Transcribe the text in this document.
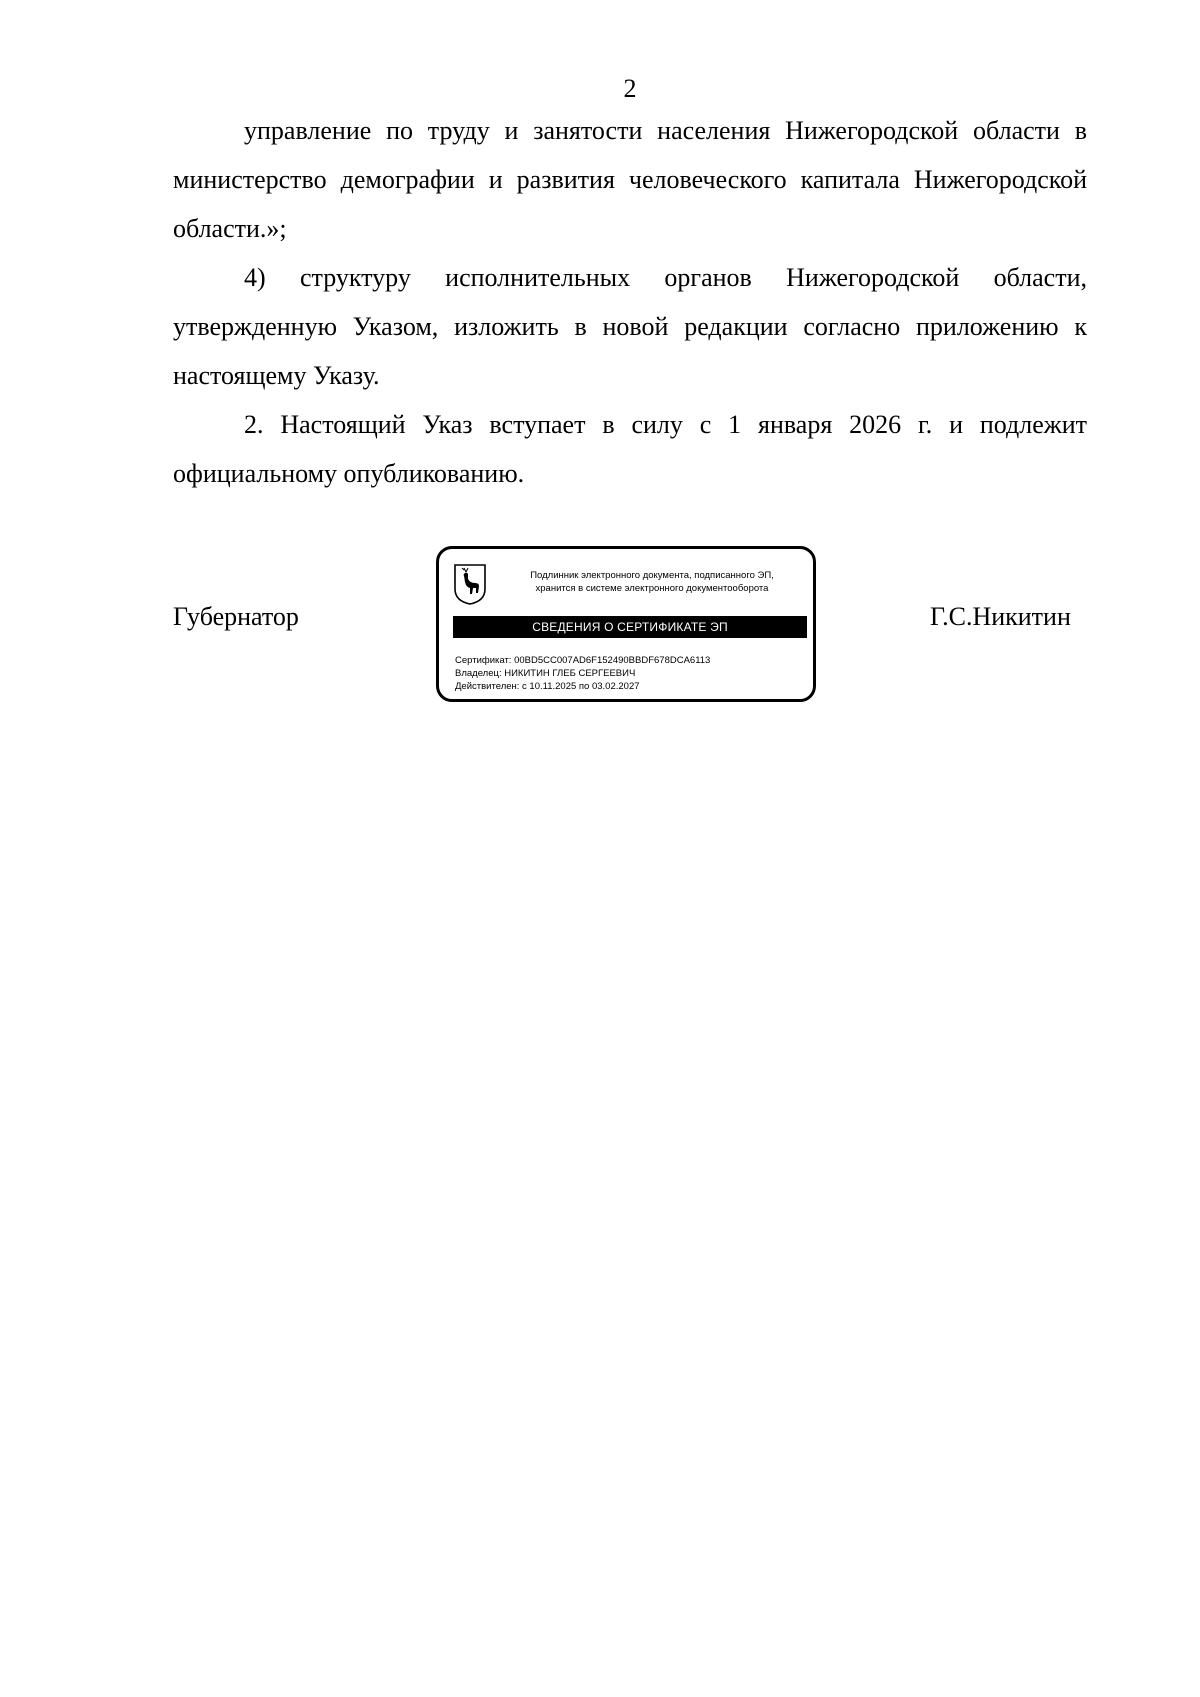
2

управление по труду и занятости населения Нижегородской области в министерство демографии и развития человеческого капитала Нижегородской области.»;

4) структуру исполнительных органов Нижегородской области, утвержденную Указом, изложить в новой редакции согласно приложению к настоящему Указу.

2. Настоящий Указ вступает в силу с 1 января 2026 г. и подлежит официальному опубликованию.

Губернатор
Подлинник электронного документа, подписанного ЭП,
хранится в системе электронного документооборота
СВЕДЕНИЯ О СЕРТИФИКАТЕ ЭП
Сертификат: 00BD5CC007AD6F152490BBDF678DCA6113
Владелец: НИКИТИН ГЛЕБ СЕРГЕЕВИЧ
Действителен: с 10.11.2025 по 03.02.2027
Г.С.Никитин
